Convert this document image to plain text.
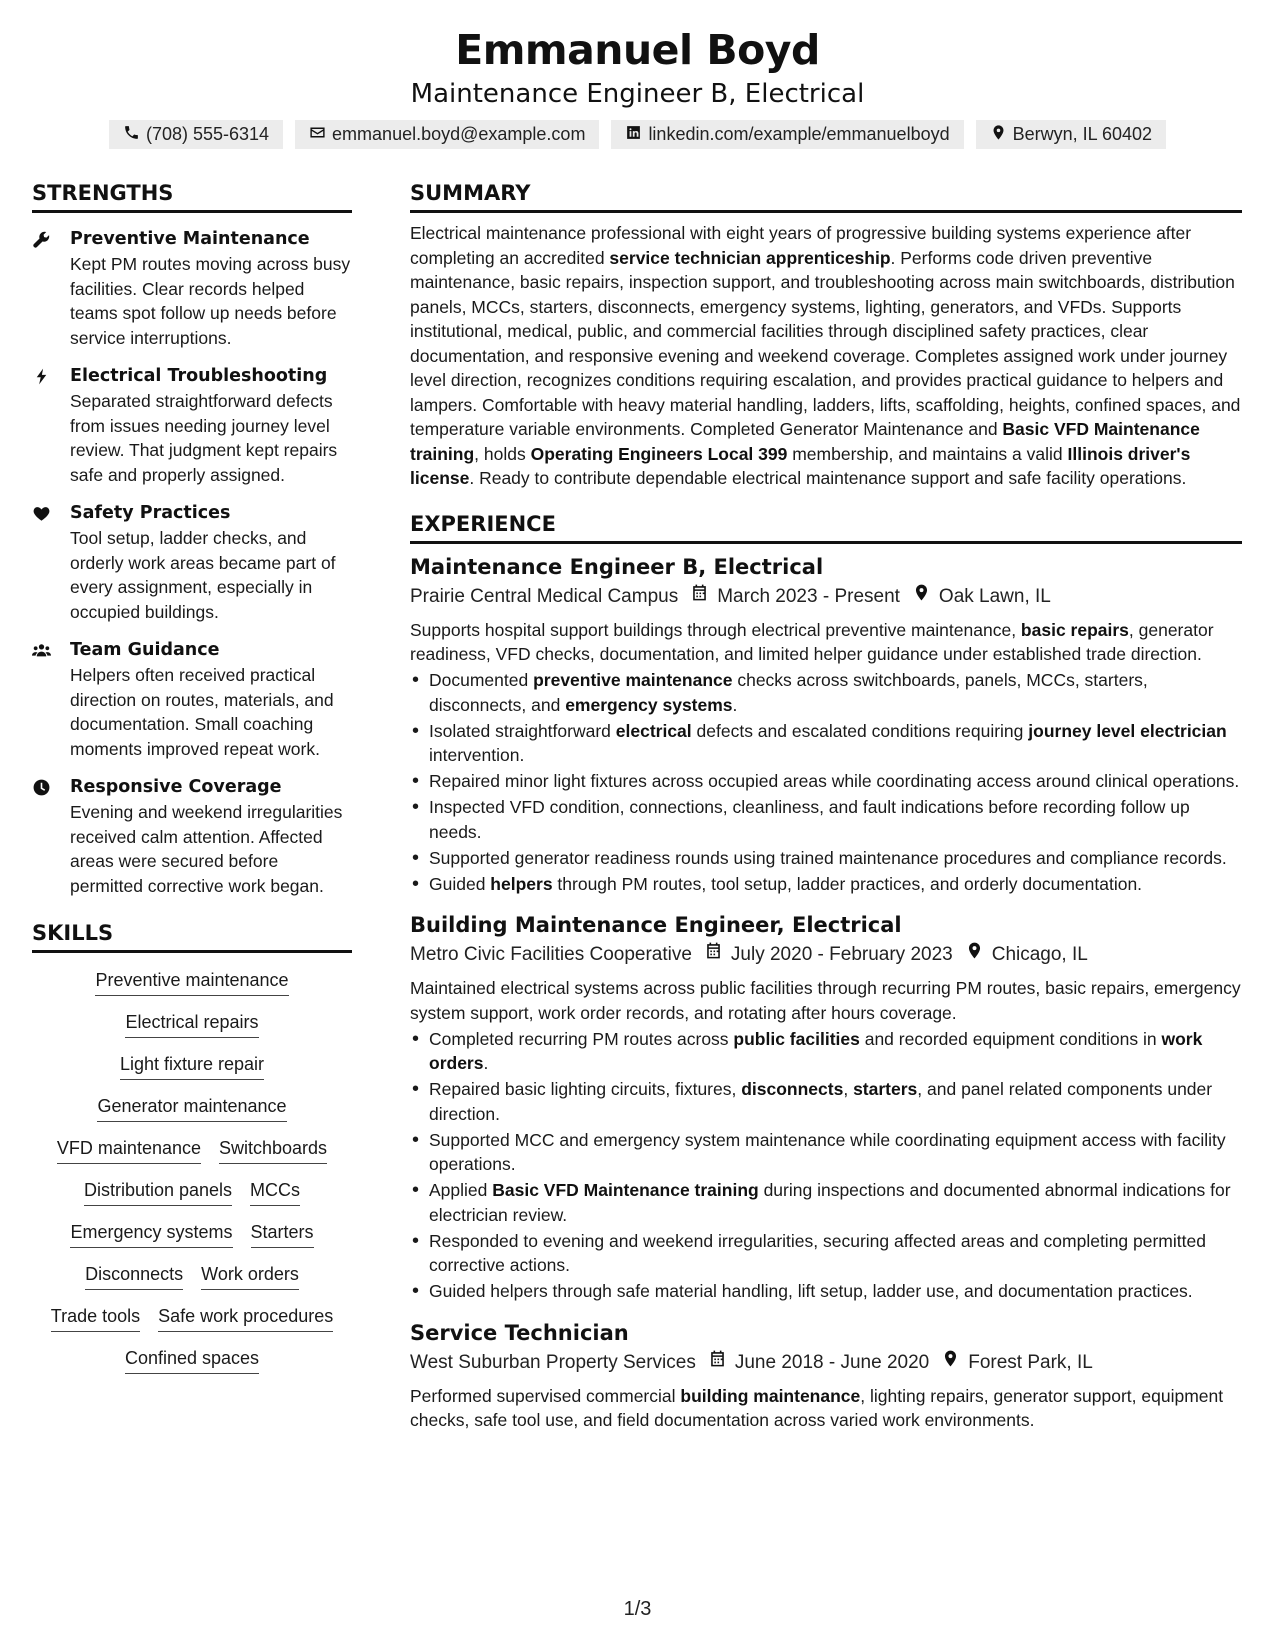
Emmanuel Boyd
Maintenance Engineer B, Electrical
(708) 555-6314	emmanuel.boyd@example.com	linkedin.com/example/emmanuelboyd	Berwyn, IL 60402
STRENGTHS
Preventive Maintenance
Kept PM routes moving across busy facilities. Clear records helped teams spot follow up needs before service interruptions.
Electrical Troubleshooting
Separated straightforward defects from issues needing journey level review. That judgment kept repairs safe and properly assigned.
Safety Practices
Tool setup, ladder checks, and orderly work areas became part of every assignment, especially in occupied buildings.
Team Guidance
Helpers often received practical direction on routes, materials, and documentation. Small coaching moments improved repeat work.
Responsive Coverage
Evening and weekend irregularities received calm attention. Affected areas were secured before permitted corrective work began.
SKILLS
Preventive maintenance
Electrical repairs
Light fixture repair
Generator maintenance
VFD maintenance Switchboards
Distribution panels MCCs
Emergency systems Starters
Disconnects Work orders
Trade tools Safe work procedures
Confined spaces
SUMMARY

Electrical maintenance professional with eight years of progressive building systems experience after completing an accredited service technician apprenticeship. Performs code driven preventive maintenance, basic repairs, inspection support, and troubleshooting across main switchboards, distribution panels, MCCs, starters, disconnects, emergency systems, lighting, generators, and VFDs. Supports institutional, medical, public, and commercial facilities through disciplined safety practices, clear documentation, and responsive evening and weekend coverage. Completes assigned work under journey level direction, recognizes conditions requiring escalation, and provides practical guidance to helpers and lampers. Comfortable with heavy material handling, ladders, lifts, scaffolding, heights, confined spaces, and temperature variable environments. Completed Generator Maintenance and Basic VFD Maintenance training, holds Operating Engineers Local 399 membership, and maintains a valid Illinois driver's license. Ready to contribute dependable electrical maintenance support and safe facility operations.

EXPERIENCE
Maintenance Engineer B, Electrical
Prairie Central Medical Campus March 2023 - Present Oak Lawn, IL

Supports hospital support buildings through electrical preventive maintenance, basic repairs, generator readiness, VFD checks, documentation, and limited helper guidance under established trade direction.

• Documented preventive maintenance checks across switchboards, panels, MCCs, starters, disconnects, and emergency systems.
• Isolated straightforward electrical defects and escalated conditions requiring journey level electrician intervention.
• Repaired minor light fixtures across occupied areas while coordinating access around clinical operations.
• Inspected VFD condition, connections, cleanliness, and fault indications before recording follow up needs.
• Supported generator readiness rounds using trained maintenance procedures and compliance records.
• Guided helpers through PM routes, tool setup, ladder practices, and orderly documentation.
Building Maintenance Engineer, Electrical
Metro Civic Facilities Cooperative July 2020 - February 2023 Chicago, IL

Maintained electrical systems across public facilities through recurring PM routes, basic repairs, emergency system support, work order records, and rotating after hours coverage.

• Completed recurring PM routes across public facilities and recorded equipment conditions in work orders.
• Repaired basic lighting circuits, fixtures, disconnects, starters, and panel related components under direction.
• Supported MCC and emergency system maintenance while coordinating equipment access with facility operations.
• Applied Basic VFD Maintenance training during inspections and documented abnormal indications for electrician review.
• Responded to evening and weekend irregularities, securing affected areas and completing permitted corrective actions.
• Guided helpers through safe material handling, lift setup, ladder use, and documentation practices.
Service Technician
West Suburban Property Services June 2018 - June 2020 Forest Park, IL

Performed supervised commercial building maintenance, lighting repairs, generator support, equipment checks, safe tool use, and field documentation across varied work environments.

1/3
